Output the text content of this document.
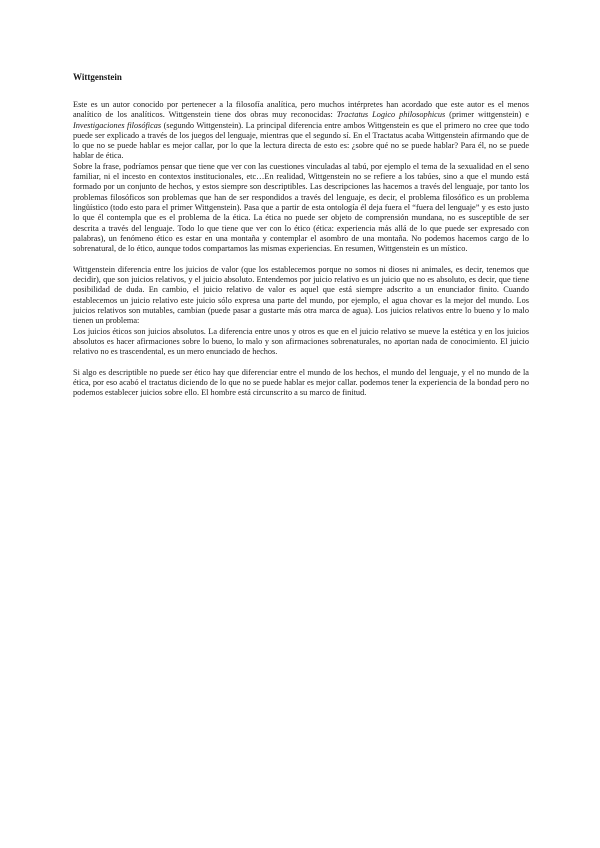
Wittgenstein

Este es un autor conocido por pertenecer a la filosofía analítica, pero muchos intérpretes han acordado que este autor es el menos analítico de los analíticos. Wittgenstein tiene dos obras muy reconocidas: Tractatus Logico philosophicus (primer wittgenstein) e Investigaciones filosóficas (segundo Wittgenstein). La principal diferencia entre ambos Wittgenstein es que el primero no cree que todo puede ser explicado a través de los juegos del lenguaje, mientras que el segundo sí. En el Tractatus acaba Wittgenstein afirmando que de lo que no se puede hablar es mejor callar, por lo que la lectura directa de esto es: ¿sobre qué no se puede hablar? Para él, no se puede hablar de ética.

Sobre la frase, podríamos pensar que tiene que ver con las cuestiones vinculadas al tabú, por ejemplo el tema de la sexualidad en el seno familiar, ni el incesto en contextos institucionales, etc…En realidad, Wittgenstein no se refiere a los tabúes, sino a que el mundo está formado por un conjunto de hechos, y estos siempre son descriptibles. Las descripciones las hacemos a través del lenguaje, por tanto los problemas filosóficos son problemas que han de ser respondidos a través del lenguaje, es decir, el problema filosófico es un problema lingüístico (todo esto para el primer Wittgenstein). Pasa que a partir de esta ontología él deja fuera el “fuera del lenguaje” y es esto justo lo que él contempla que es el problema de la ética. La ética no puede ser objeto de comprensión mundana, no es susceptible de ser descrita a través del lenguaje. Todo lo que tiene que ver con lo ético (ética: experiencia más allá de lo que puede ser expresado con palabras), un fenómeno ético es estar en una montaña y contemplar el asombro de una montaña. No podemos hacemos cargo de lo sobrenatural, de lo ético, aunque todos compartamos las mismas experiencias. En resumen, Wittgenstein es un místico.

Wittgenstein diferencia entre los juicios de valor (que los establecemos porque no somos ni dioses ni animales, es decir, tenemos que decidir), que son juicios relativos, y el juicio absoluto. Entendemos por juicio relativo es un juicio que no es absoluto, es decir, que tiene posibilidad de duda. En cambio, el juicio relativo de valor es aquel que está siempre adscrito a un enunciador finito. Cuando establecemos un juicio relativo este juicio sólo expresa una parte del mundo, por ejemplo, el agua chovar es la mejor del mundo. Los juicios relativos son mutables, cambian (puede pasar a gustarte más otra marca de agua). Los juicios relativos entre lo bueno y lo malo tienen un problema:

Los juicios éticos son juicios absolutos. La diferencia entre unos y otros es que en el juicio relativo se mueve la estética y en los juicios absolutos es hacer afirmaciones sobre lo bueno, lo malo y son afirmaciones sobrenaturales, no aportan nada de conocimiento. El juicio relativo no es trascendental, es un mero enunciado de hechos.

Si algo es descriptible no puede ser ético hay que diferenciar entre el mundo de los hechos, el mundo del lenguaje, y el no mundo de la ética, por eso acabó el tractatus diciendo de lo que no se puede hablar es mejor callar. podemos tener la experiencia de la bondad pero no podemos establecer juicios sobre ello. El hombre está circunscrito a su marco de finitud.
